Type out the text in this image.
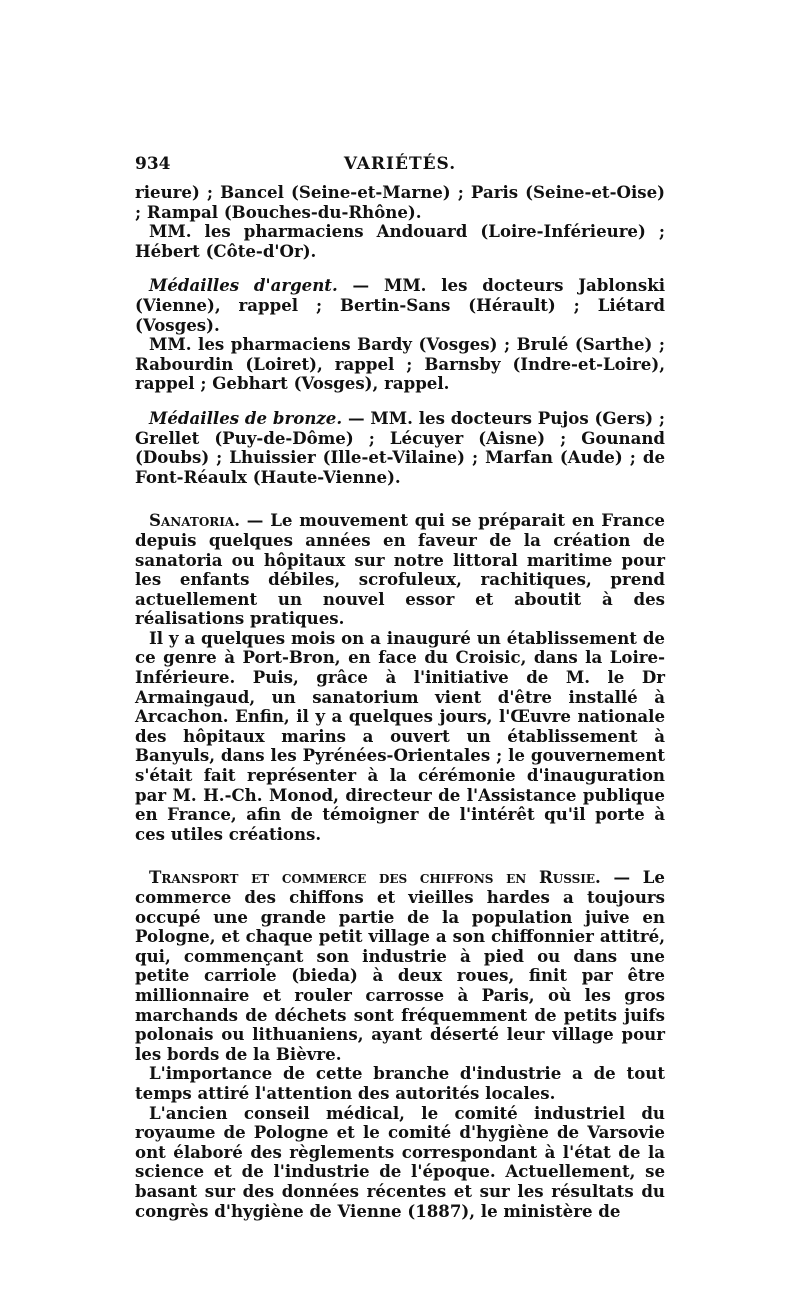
934	VARIÉTÉS.

rieure) ; Bancel (Seine-et-Marne) ; Paris (Seine-et-Oise) ; Rampal (Bouches-du-Rhône).

MM. les pharmaciens Andouard (Loire-Inférieure) ; Hébert (Côte-d'Or).

Médailles d'argent. — MM. les docteurs Jablonski (Vienne), rappel ; Bertin-Sans (Hérault) ; Liétard (Vosges).

MM. les pharmaciens Bardy (Vosges) ; Brulé (Sarthe) ; Rabourdin (Loiret), rappel ; Barnsby (Indre-et-Loire), rappel ; Gebhart (Vosges), rappel.

Médailles de bronze. — MM. les docteurs Pujos (Gers) ; Grellet (Puy-de-Dôme) ; Lécuyer (Aisne) ; Gounand (Doubs) ; Lhuissier (Ille-et-Vilaine) ; Marfan (Aude) ; de Font-Réaulx (Haute-Vienne).

Sanatoria. — Le mouvement qui se préparait en France depuis quelques années en faveur de la création de sanatoria ou hôpitaux sur notre littoral maritime pour les enfants débiles, scrofuleux, rachitiques, prend actuellement un nouvel essor et aboutit à des réalisations pratiques.

Il y a quelques mois on a inauguré un établissement de ce genre à Port-Bron, en face du Croisic, dans la Loire-Inférieure. Puis, grâce à l'initiative de M. le Dr Armaingaud, un sanatorium vient d'être installé à Arcachon. Enfin, il y a quelques jours, l'Œuvre nationale des hôpitaux marins a ouvert un établissement à Banyuls, dans les Pyrénées-Orientales ; le gouvernement s'était fait représenter à la cérémonie d'inauguration par M. H.-Ch. Monod, directeur de l'Assistance publique en France, afin de témoigner de l'intérêt qu'il porte à ces utiles créations.

Transport et commerce des chiffons en Russie. — Le commerce des chiffons et vieilles hardes a toujours occupé une grande partie de la population juive en Pologne, et chaque petit village a son chiffonnier attitré, qui, commençant son industrie à pied ou dans une petite carriole (bieda) à deux roues, finit par être millionnaire et rouler carrosse à Paris, où les gros marchands de déchets sont fréquemment de petits juifs polonais ou lithuaniens, ayant déserté leur village pour les bords de la Bièvre.

L'importance de cette branche d'industrie a de tout temps attiré l'attention des autorités locales.

L'ancien conseil médical, le comité industriel du royaume de Pologne et le comité d'hygiène de Varsovie ont élaboré des règlements correspondant à l'état de la science et de l'industrie de l'époque. Actuellement, se basant sur des données récentes et sur les résultats du congrès d'hygiène de Vienne (1887), le ministère de
